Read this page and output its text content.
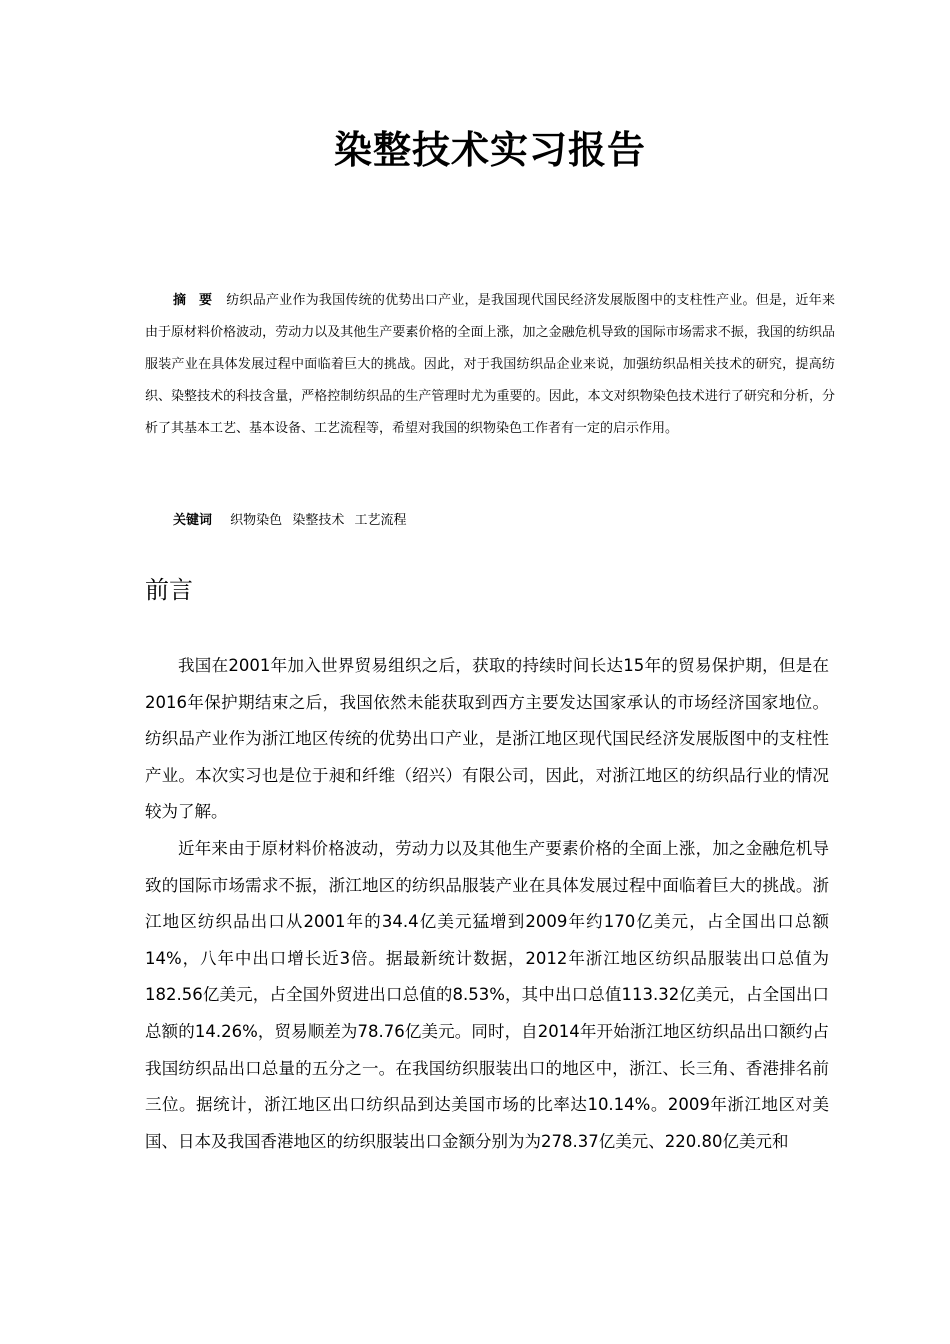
染整技术实习报告
摘　要 纺织品产业作为我国传统的优势出口产业，是我国现代国民经济发展版图中的支柱性产业。但是，近年来由于原材料价格波动，劳动力以及其他生产要素价格的全面上涨，加之金融危机导致的国际市场需求不振，我国的纺织品服装产业在具体发展过程中面临着巨大的挑战。因此，对于我国纺织品企业来说，加强纺织品相关技术的研究，提高纺织、染整技术的科技含量，严格控制纺织品的生产管理时尤为重要的。因此，本文对织物染色技术进行了研究和分析，分析了其基本工艺、基本设备、工艺流程等，希望对我国的织物染色工作者有一定的启示作用。
关键词 织物染色 染整技术 工艺流程
前言

我国在2001年加入世界贸易组织之后，获取的持续时间长达15年的贸易保护期，但是在2016年保护期结束之后，我国依然未能获取到西方主要发达国家承认的市场经济国家地位。纺织品产业作为浙江地区传统的优势出口产业，是浙江地区现代国民经济发展版图中的支柱性产业。本次实习也是位于昶和纤维（绍兴）有限公司，因此，对浙江地区的纺织品行业的情况较为了解。

近年来由于原材料价格波动，劳动力以及其他生产要素价格的全面上涨，加之金融危机导致的国际市场需求不振，浙江地区的纺织品服装产业在具体发展过程中面临着巨大的挑战。浙江地区纺织品出口从2001年的34.4亿美元猛增到2009年约170亿美元，占全国出口总额14%，八年中出口增长近3倍。据最新统计数据，2012年浙江地区纺织品服装出口总值为182.56亿美元，占全国外贸进出口总值的8.53%，其中出口总值113.32亿美元，占全国出口总额的14.26%，贸易顺差为78.76亿美元。同时，自2014年开始浙江地区纺织品出口额约占我国纺织品出口总量的五分之一。在我国纺织服装出口的地区中，浙江、长三角、香港排名前三位。据统计，浙江地区出口纺织品到达美国市场的比率达10.14%。2009年浙江地区对美国、日本及我国香港地区的纺织服装出口金额分别为为278.37亿美元、220.80亿美元和
